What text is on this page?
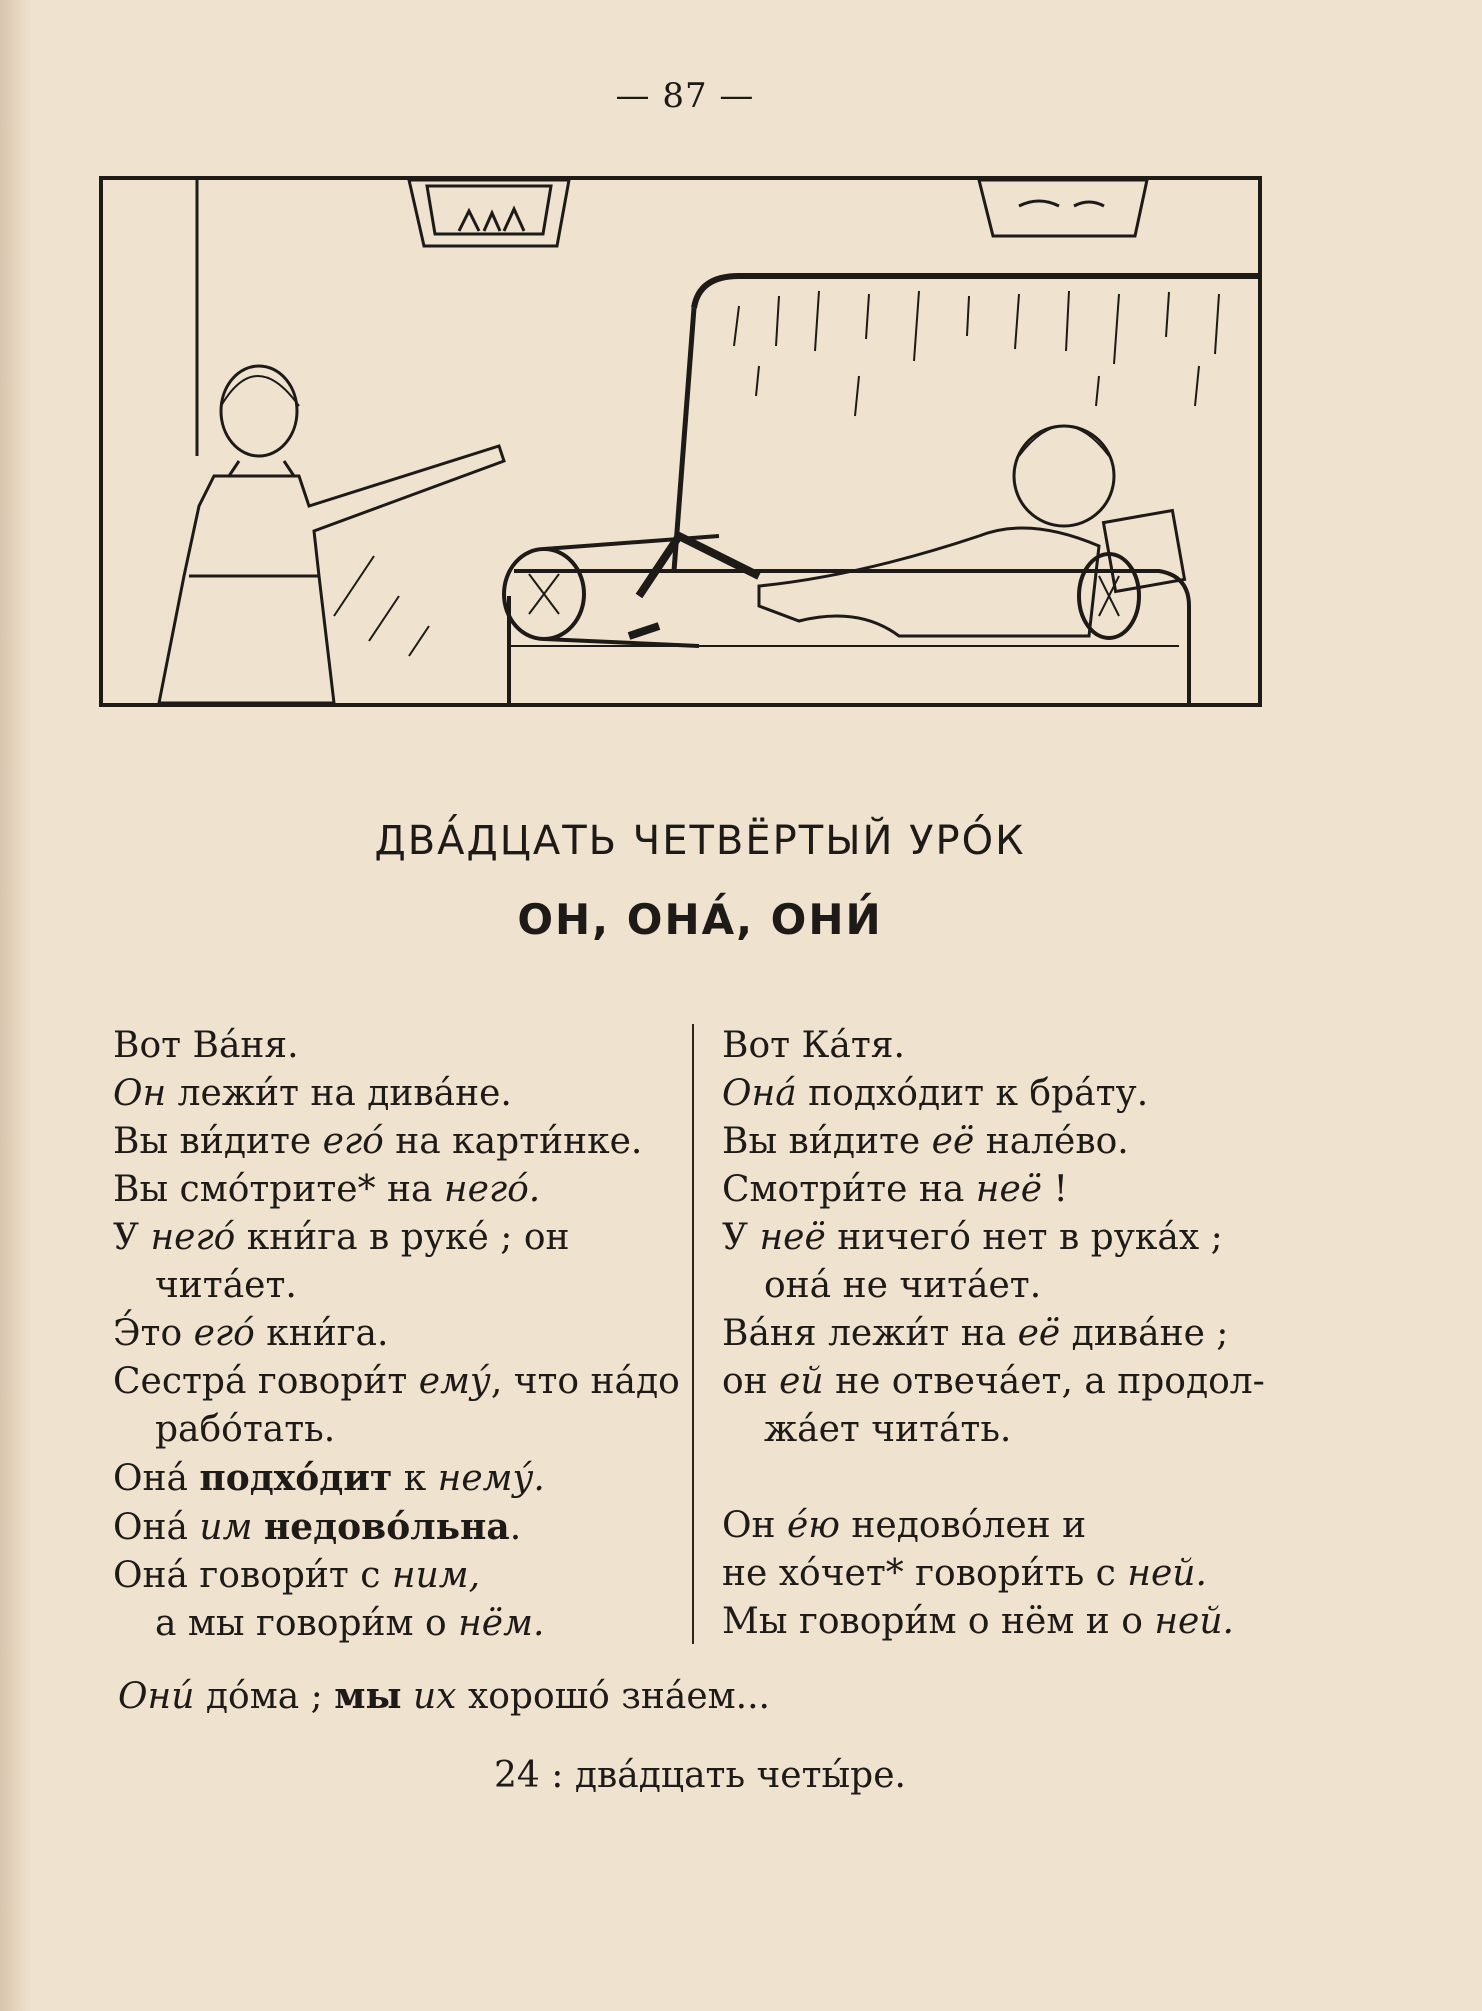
— 87 —
ДВА́ДЦАТЬ ЧЕТВЁРТЫЙ УРО́К
ОН, ОНА́, ОНИ́
Вот Ва́ня.
Он лежи́т на дива́не.
Вы ви́дите его́ на карти́нке.
Вы смо́трите* на него́.
У него́ кни́га в руке́ ; он
чита́ет.
Э́то его́ кни́га.
Сестра́ говори́т ему́, что на́до
рабо́тать.
Она́ подхо́дит к нему́.
Она́ им недово́льна.
Она́ говори́т с ним,
а мы говори́м о нём.
Вот Ка́тя.
Она́ подхо́дит к бра́ту.
Вы ви́дите её нале́во.
Смотри́те на неё !
У неё ничего́ нет в рука́х ;
она́ не чита́ет.
Ва́ня лежи́т на её дива́не ;
он ей не отвеча́ет, а продол-
жа́ет чита́ть.
Он е́ю недово́лен и
не хо́чет* говори́ть с ней.
Мы говори́м о нём и о ней.
Они́ до́ма ; мы их хорошо́ зна́ем...
24 : два́дцать четы́ре.
